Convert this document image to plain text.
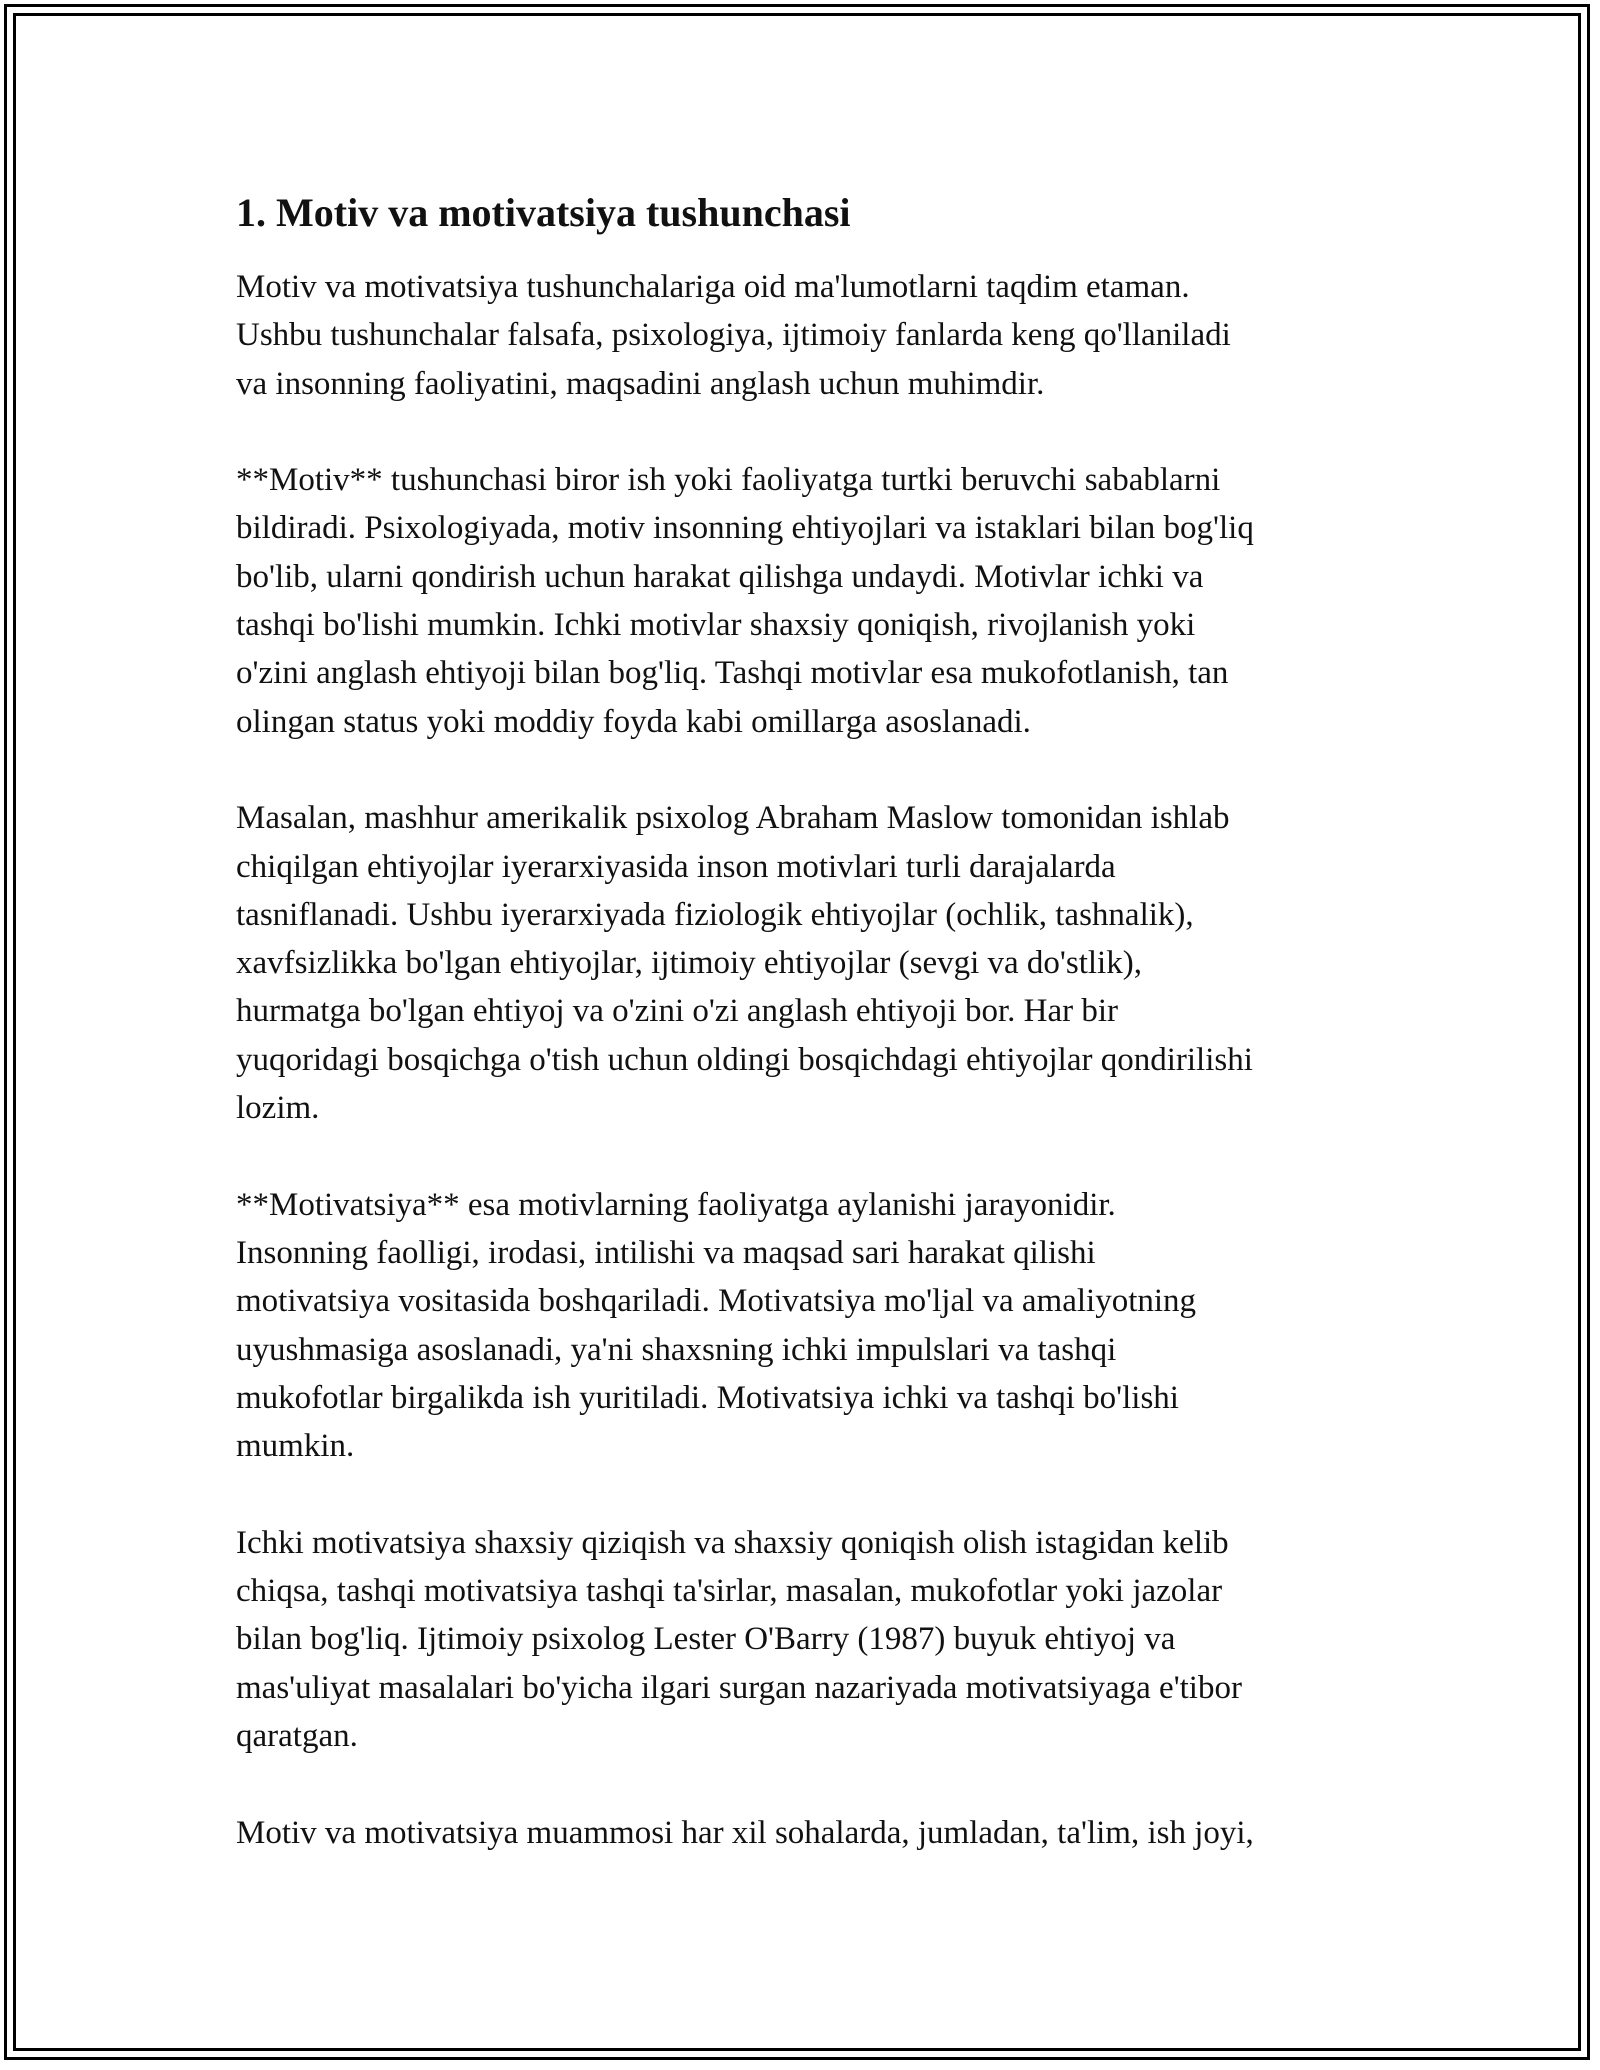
1. Motiv va motivatsiya tushunchasi

Motiv va motivatsiya tushunchalariga oid ma'lumotlarni taqdim etaman.
Ushbu tushunchalar falsafa, psixologiya, ijtimoiy fanlarda keng qo'llaniladi
va insonning faoliyatini, maqsadini anglash uchun muhimdir.

**Motiv** tushunchasi biror ish yoki faoliyatga turtki beruvchi sabablarni
bildiradi. Psixologiyada, motiv insonning ehtiyojlari va istaklari bilan bog'liq
bo'lib, ularni qondirish uchun harakat qilishga undaydi. Motivlar ichki va
tashqi bo'lishi mumkin. Ichki motivlar shaxsiy qoniqish, rivojlanish yoki
o'zini anglash ehtiyoji bilan bog'liq. Tashqi motivlar esa mukofotlanish, tan
olingan status yoki moddiy foyda kabi omillarga asoslanadi.

Masalan, mashhur amerikalik psixolog Abraham Maslow tomonidan ishlab
chiqilgan ehtiyojlar iyerarxiyasida inson motivlari turli darajalarda
tasniflanadi. Ushbu iyerarxiyada fiziologik ehtiyojlar (ochlik, tashnalik),
xavfsizlikka bo'lgan ehtiyojlar, ijtimoiy ehtiyojlar (sevgi va do'stlik),
hurmatga bo'lgan ehtiyoj va o'zini o'zi anglash ehtiyoji bor. Har bir
yuqoridagi bosqichga o'tish uchun oldingi bosqichdagi ehtiyojlar qondirilishi
lozim.

**Motivatsiya** esa motivlarning faoliyatga aylanishi jarayonidir.
Insonning faolligi, irodasi, intilishi va maqsad sari harakat qilishi
motivatsiya vositasida boshqariladi. Motivatsiya mo'ljal va amaliyotning
uyushmasiga asoslanadi, ya'ni shaxsning ichki impulslari va tashqi
mukofotlar birgalikda ish yuritiladi. Motivatsiya ichki va tashqi bo'lishi
mumkin.

Ichki motivatsiya shaxsiy qiziqish va shaxsiy qoniqish olish istagidan kelib
chiqsa, tashqi motivatsiya tashqi ta'sirlar, masalan, mukofotlar yoki jazolar
bilan bog'liq. Ijtimoiy psixolog Lester O'Barry (1987) buyuk ehtiyoj va
mas'uliyat masalalari bo'yicha ilgari surgan nazariyada motivatsiyaga e'tibor
qaratgan.

Motiv va motivatsiya muammosi har xil sohalarda, jumladan, ta'lim, ish joyi,
